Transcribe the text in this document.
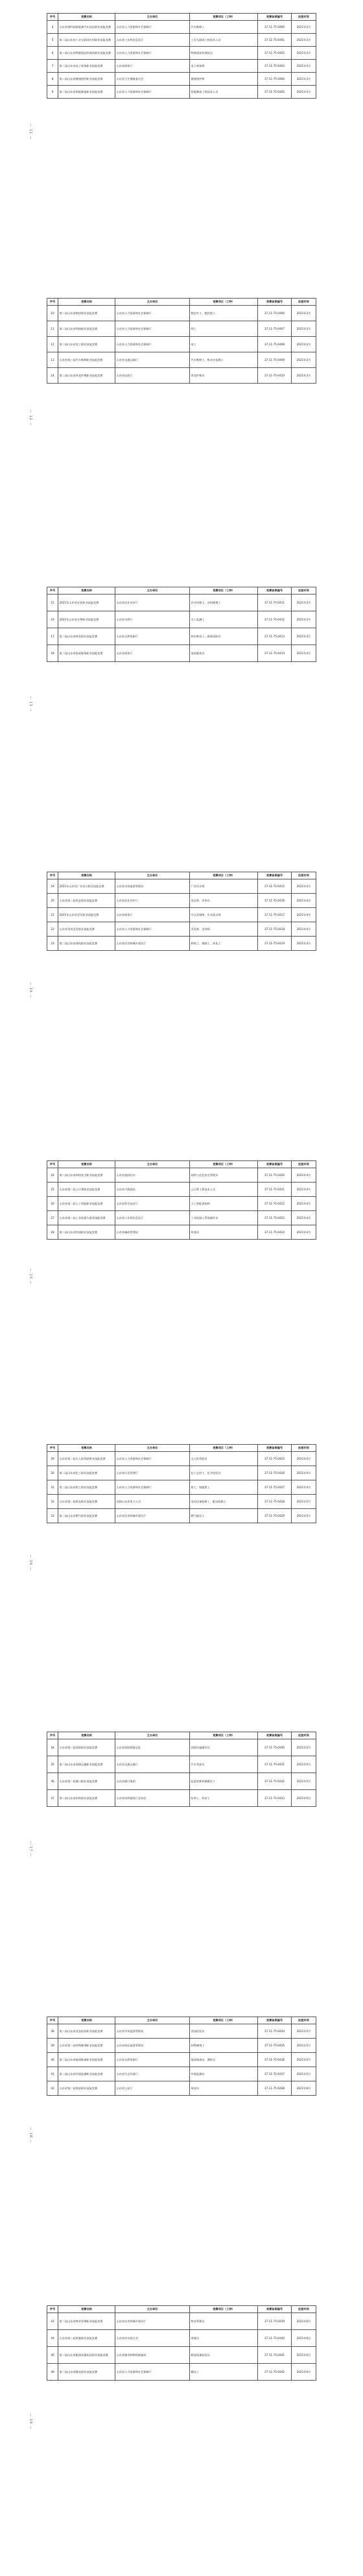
— 11 —
序号	竞赛名称	主办单位	竞赛项目（工种）	竞赛备案编号	批复时间
4	山东省第四届新能源汽车技术职业技能竞赛	山东省人力资源和社会保障厅	汽车维修工	37-11-75-0400	2021年3月
5	第二届山东省工业互联网应用职业技能竞赛	山东省工业和信息化厅	工业互联网工程技术人员	37-11-75-0401	2021年3月
6	第二届山东省物联网安装调试职业技能竞赛	山东省人力资源和社会保障厅	物联网安装调试员	37-11-75-0402	2021年3月
7	第二届山东省电子商务职业技能竞赛	山东省商务厅	电子商务师	37-11-75-0403	2021年3月
8	第二届山东省健康照护职业技能竞赛	山东省卫生健康委员会	健康照护师	37-11-75-0404	2021年3月
9	第二届山东省智能制造职业技能竞赛	山东省人力资源和社会保障厅	智能制造工程技术人员	37-11-75-0405	2021年3月
— 12 —
序号	竞赛名称	主办单位	竞赛项目（工种）	竞赛备案编号	批复时间
10	第二届山东省数控职业技能竞赛	山东省人力资源和社会保障厅	数控车工、数控铣工	37-11-75-0406	2021年3月
11	第二届山东省焊接职业技能竞赛	山东省人力资源和社会保障厅	焊工	37-11-75-0407	2021年3月
12	第二届山东省电工职业技能竞赛	山东省人力资源和社会保障厅	电工	37-11-75-0408	2021年3月
13	山东省第三届汽车维修职业技能竞赛	山东省交通运输厅	汽车维修工、机动车检测工	37-11-75-0409	2021年3月
14	第二届山东省养老护理职业技能竞赛	山东省民政厅	养老护理员	37-11-75-0410	2021年3月
— 13 —
序号	竞赛名称	主办单位	竞赛项目（工种）	竞赛备案编号	批复时间
15	2021年山东省农业职业技能竞赛	山东省农业农村厅	农业经理人、农机修理工	37-11-75-0411	2021年3月
16	2021年山东省水利职业技能竞赛	山东省水利厅	水工监测工	37-11-75-0412	2021年3月
17	第二届山东省林业职业技能竞赛	山东省自然资源厅	林木种苗工、森林消防员	37-11-75-0413	2021年3月
18	第二届山东省家政服务职业技能竞赛	山东省商务厅	家政服务员	37-11-75-0414	2021年4月
— 14 —
序号	竞赛名称	主办单位	竞赛项目（工种）	竞赛备案编号	批复时间
19	2021年山东省广告设计职业技能竞赛	山东省市场监督管理局	广告设计师	37-11-75-0415	2021年4月
20	山东省第二届茶艺职业技能竞赛	山东省农业农村厅	茶艺师、评茶员	37-11-75-0416	2021年4月
21	2021年山东省烹饪职业技能竞赛	山东省商务厅	中式烹调师、中式面点师	37-11-75-0417	2021年4月
22	山东省美容美发职业技能竞赛	山东省人力资源和社会保障厅	美发师、美容师	37-11-75-0418	2021年4月
23	第二届山东省建筑职业技能竞赛	山东省住房和城乡建设厅	砌筑工、钢筋工、抹灰工	37-11-75-0419	2021年4月
— 15 —
序号	竞赛名称	主办单位	竞赛项目（工种）	竞赛备案编号	批复时间
24	第二届山东省网络安全职业技能竞赛	山东省委网信办	网络与信息安全管理员	37-11-75-0420	2021年4月
25	山东省第二届云计算职业技能竞赛	山东省大数据局	云计算工程技术人员	37-11-75-0421	2021年4月
26	山东省第二届人工智能职业技能竞赛	山东省科学技术厅	人工智能训练师	37-11-75-0422	2021年4月
27	山东省第二届工业机器人职业技能竞赛	山东省工业和信息化厅	工业机器人系统操作员	37-11-75-0423	2021年4月
28	第二届山东省快递职业技能竞赛	山东省邮政管理局	快递员	37-11-75-0424	2021年4月
— 16 —
序号	竞赛名称	主办单位	竞赛项目（工种）	竞赛备案编号	批复时间
29	山东省第二届无人机驾驶职业技能竞赛	山东省人力资源和社会保障厅	无人机驾驶员	37-11-75-0425	2021年4月
30	第二届山东省化工职业技能竞赛	山东省应急管理厅	化工总控工、化学检验员	37-11-75-0426	2021年4月
31	第二届山东省钳工职业技能竞赛	山东省人力资源和社会保障厅	钳工、装配钳工	37-11-75-0427	2021年4月
32	山东省第二届供电职业技能竞赛	国网山东省电力公司	变电设备检修工、配电线路工	37-11-75-0428	2021年5月
33	第二届山东省燃气职业技能竞赛	山东省住房和城乡建设厅	燃气输送工	37-11-75-0429	2021年5月
— 17 —
序号	竞赛名称	主办单位	竞赛项目（工种）	竞赛备案编号	批复时间
34	山东省第二届消防职业技能竞赛	山东省消防救援总队	消防设施操作员	37-11-75-0430	2021年5月
35	第二届山东省道路运输职业技能竞赛	山东省交通运输厅	汽车驾驶员	37-11-75-0431	2021年5月
36	山东省第二届港口职业技能竞赛	山东省港口集团	起重装卸机械操作工	37-11-75-0432	2021年5月
37	第二届山东省纺织职业技能竞赛	山东省纺织服装行业协会	纺纱工、织布工	37-11-75-0433	2021年5月
— 18 —
序号	竞赛名称	主办单位	竞赛项目（工种）	竞赛备案编号	批复时间
38	第二届山东省食品检验职业技能竞赛	山东省市场监督管理局	食品检验员	37-11-75-0434	2021年5月
39	山东省第二届药物制剂职业技能竞赛	山东省药品监督管理局	药物制剂工	37-11-75-0435	2021年5月
40	第二届山东省地质勘查职业技能竞赛	山东省自然资源厅	地质调查员、测绘员	37-11-75-0436	2021年5月
41	第二届山东省环境监测职业技能竞赛	山东省生态环境厅	环境监测员	37-11-75-0437	2021年5月
42	山东省第二届保安职业技能竞赛	山东省公安厅	保安员	37-11-75-0438	2021年6月
— 19 —
序号	竞赛名称	主办单位	竞赛项目（工种）	竞赛备案编号	批复时间
43	第二届山东省物业管理职业技能竞赛	山东省住房和城乡建设厅	物业管理员	37-11-75-0439	2021年6月
44	山东省第二届育婴职业技能竞赛	山东省妇女联合会	育婴员	37-11-75-0440	2021年6月
45	第二届山东省粮油质量检验职业技能竞赛	山东省粮食和物资储备局	粮油质量检验员	37-11-75-0441	2021年6月
46	第二届山东省模具职业技能竞赛	山东省人力资源和社会保障厅	模具工	37-11-75-0442	2021年6月
